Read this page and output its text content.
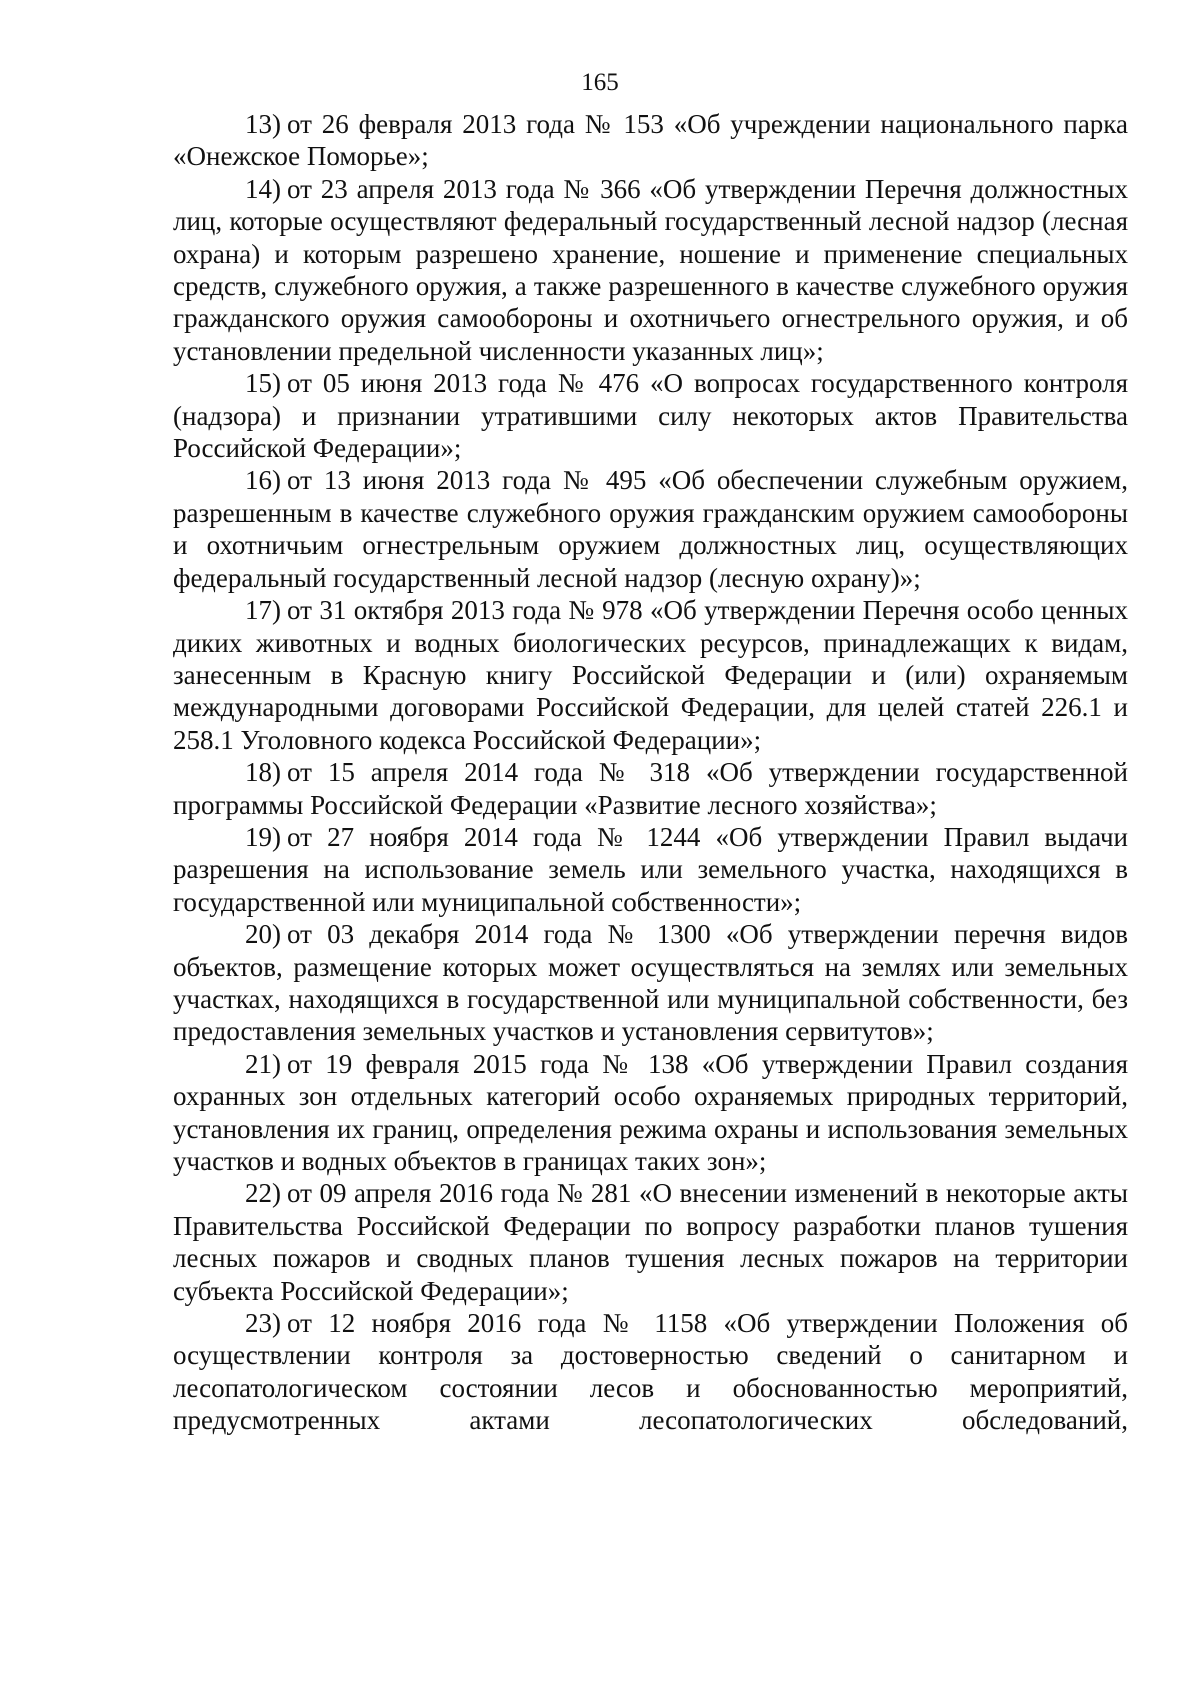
165

13) от 26 февраля 2013 года № 153 «Об учреждении национального парка «Онежское Поморье»;

14) от 23 апреля 2013 года № 366 «Об утверждении Перечня должностных лиц, которые осуществляют федеральный государственный лесной надзор (лесная охрана) и которым разрешено хранение, ношение и применение специальных средств, служебного оружия, а также разрешенного в качестве служебного оружия гражданского оружия самообороны и охотничьего огнестрельного оружия, и об установлении предельной численности указанных лиц»;

15) от 05 июня 2013 года № 476 «О вопросах государственного контроля (надзора) и признании утратившими силу некоторых актов Правительства Российской Федерации»;

16) от 13 июня 2013 года № 495 «Об обеспечении служебным оружием, разрешенным в качестве служебного оружия гражданским оружием самообороны и охотничьим огнестрельным оружием должностных лиц, осуществляющих федеральный государственный лесной надзор (лесную охрану)»;

17) от 31 октября 2013 года № 978 «Об утверждении Перечня особо ценных диких животных и водных биологических ресурсов, принадлежащих к видам, занесенным в Красную книгу Российской Федерации и (или) охраняемым международными договорами Российской Федерации, для целей статей 226.1 и 258.1 Уголовного кодекса Российской Федерации»;

18) от 15 апреля 2014 года № 318 «Об утверждении государственной программы Российской Федерации «Развитие лесного хозяйства»;

19) от 27 ноября 2014 года № 1244 «Об утверждении Правил выдачи разрешения на использование земель или земельного участка, находящихся в государственной или муниципальной собственности»;

20) от 03 декабря 2014 года № 1300 «Об утверждении перечня видов объектов, размещение которых может осуществляться на землях или земельных участках, находящихся в государственной или муниципальной собственности, без предоставления земельных участков и установления сервитутов»;

21) от 19 февраля 2015 года № 138 «Об утверждении Правил создания охранных зон отдельных категорий особо охраняемых природных территорий, установления их границ, определения режима охраны и использования земельных участков и водных объектов в границах таких зон»;

22) от 09 апреля 2016 года № 281 «О внесении изменений в некоторые акты Правительства Российской Федерации по вопросу разработки планов тушения лесных пожаров и сводных планов тушения лесных пожаров на территории субъекта Российской Федерации»;

23) от 12 ноября 2016 года № 1158 «Об утверждении Положения об осуществлении контроля за достоверностью сведений о санитарном и лесопатологическом состоянии лесов и обоснованностью мероприятий, предусмотренных актами лесопатологических обследований,
